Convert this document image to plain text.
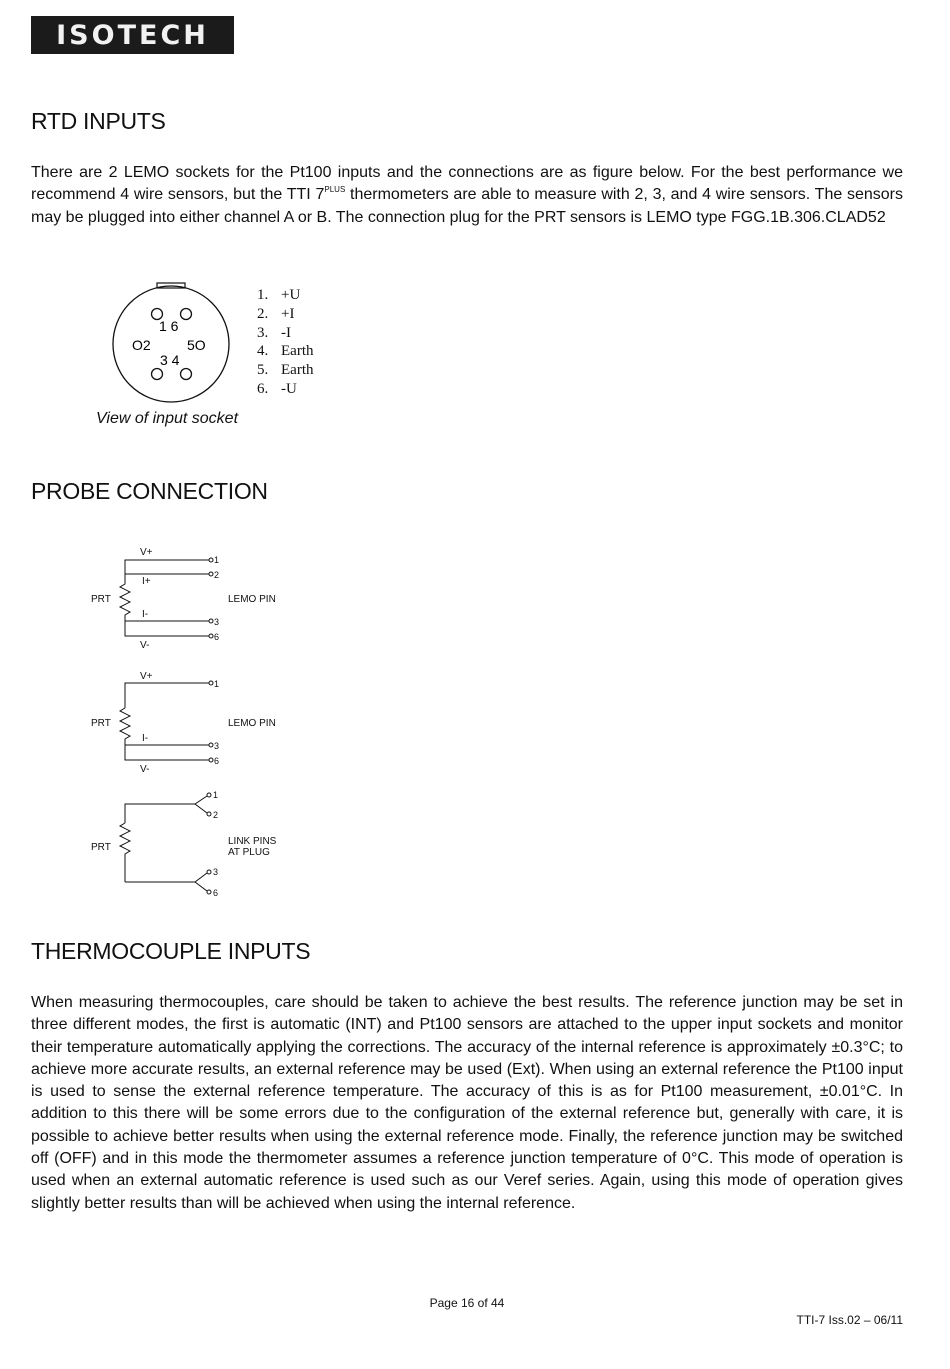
ISOTECH
RTD INPUTS

There are 2 LEMO sockets for the Pt100 inputs and the connections are as figure below. For the best performance we recommend 4 wire sensors, but the TTI $7^{PLUS}$ thermometers are able to measure with 2, 3, and 4 wire sensors. The sensors may be plugged into either channel A or B. The connection plug for the PRT sensors is LEMO type FGG.1B.306.CLAD52

1 6
O2	5O
3 4
1. +U
2. +I
3. -I
4. Earth
5. Earth
6. -U
View of input socket
PROBE CONNECTION
V+
I+
PRT
I-
V-
LEMO PIN
1
2
3
6
V+
PRT
I-
V-
LEMO PIN
1
3
6
PRT
LINK PINS
AT PLUG
1
2
3
6
THERMOCOUPLE INPUTS

When measuring thermocouples, care should be taken to achieve the best results. The reference junction may be set in three different modes, the first is automatic (INT) and Pt100 sensors are attached to the upper input sockets and monitor their temperature automatically applying the corrections. The accuracy of the internal reference is approximately ±0.3°C; to achieve more accurate results, an external reference may be used (Ext). When using an external reference the Pt100 input is used to sense the external reference temperature. The accuracy of this is as for Pt100 measurement, ±0.01°C. In addition to this there will be some errors due to the configuration of the external reference but, generally with care, it is possible to achieve better results when using the external reference mode. Finally, the reference junction may be switched off (OFF) and in this mode the thermometer assumes a reference junction temperature of 0°C. This mode of operation is used when an external automatic reference is used such as our Veref series. Again, using this mode of operation gives slightly better results than will be achieved when using the internal reference.

Page 16 of 44
TTI-7 Iss.02 – 06/11
